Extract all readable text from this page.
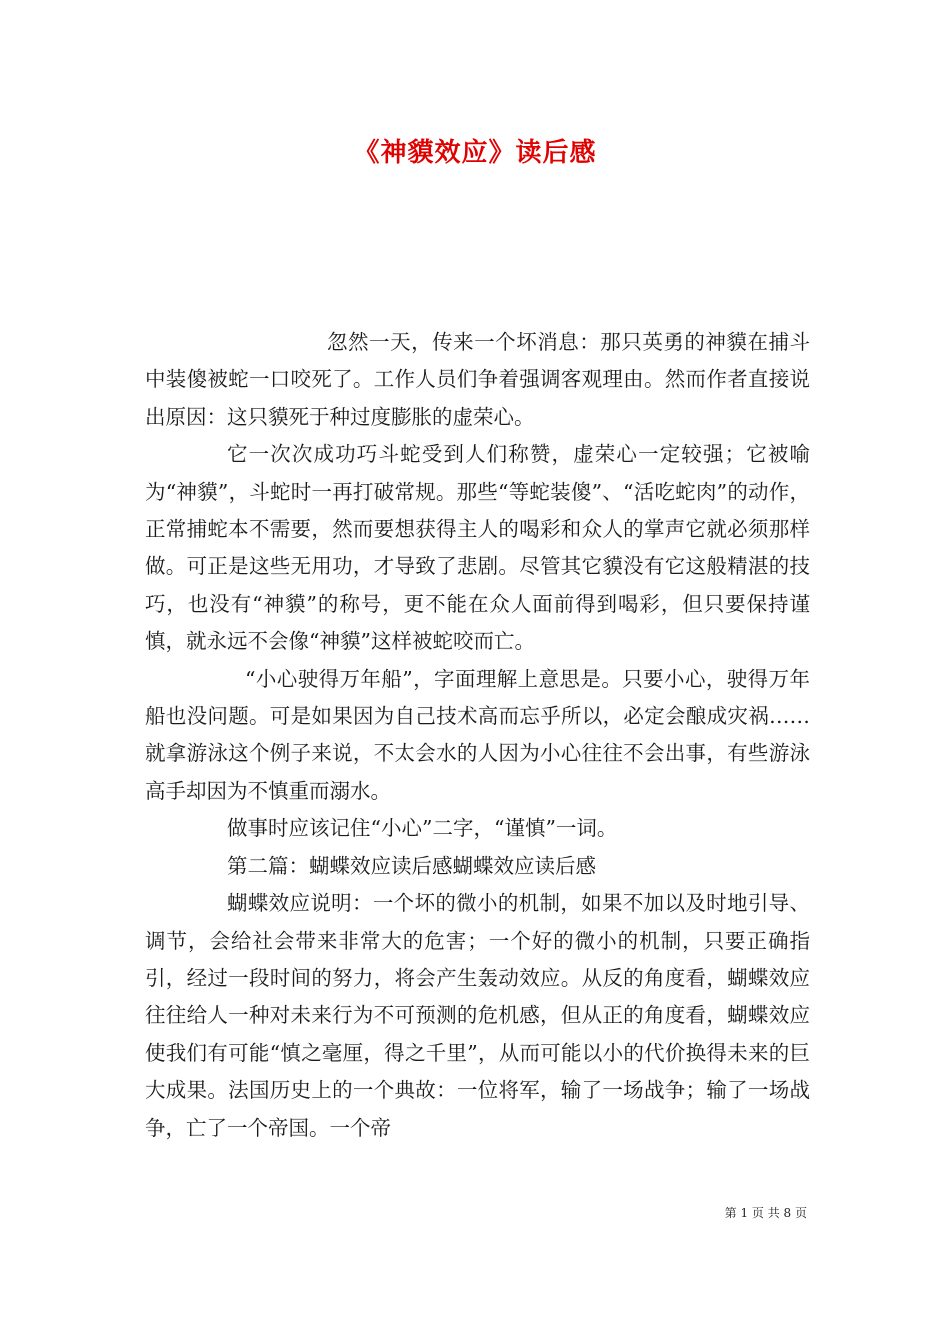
《神貘效应》读后感

忽然一天，传来一个坏消息：那只英勇的神貘在捕斗中装傻被蛇一口咬死了。工作人员们争着强调客观理由。然而作者直接说出原因：这只貘死于种过度膨胀的虚荣心。

它一次次成功巧斗蛇受到人们称赞，虚荣心一定较强；它被喻为“神貘”，斗蛇时一再打破常规。那些“等蛇装傻”、“活吃蛇肉”的动作，正常捕蛇本不需要，然而要想获得主人的喝彩和众人的掌声它就必须那样做。可正是这些无用功，才导致了悲剧。尽管其它貘没有它这般精湛的技巧，也没有“神貘”的称号，更不能在众人面前得到喝彩，但只要保持谨慎，就永远不会像“神貘”这样被蛇咬而亡。

“小心驶得万年船”，字面理解上意思是。只要小心，驶得万年船也没问题。可是如果因为自己技术高而忘乎所以，必定会酿成灾祸……就拿游泳这个例子来说，不太会水的人因为小心往往不会出事，有些游泳高手却因为不慎重而溺水。

做事时应该记住“小心”二字，“谨慎”一词。

第二篇：蝴蝶效应读后感蝴蝶效应读后感

蝴蝶效应说明：一个坏的微小的机制，如果不加以及时地引导、调节，会给社会带来非常大的危害；一个好的微小的机制，只要正确指引，经过一段时间的努力，将会产生轰动效应。从反的角度看，蝴蝶效应往往给人一种对未来行为不可预测的危机感，但从正的角度看，蝴蝶效应使我们有可能“慎之毫厘，得之千里”，从而可能以小的代价换得未来的巨大成果。法国历史上的一个典故：一位将军，输了一场战争；输了一场战争，亡了一个帝国。一个帝

第 1 页 共 8 页
